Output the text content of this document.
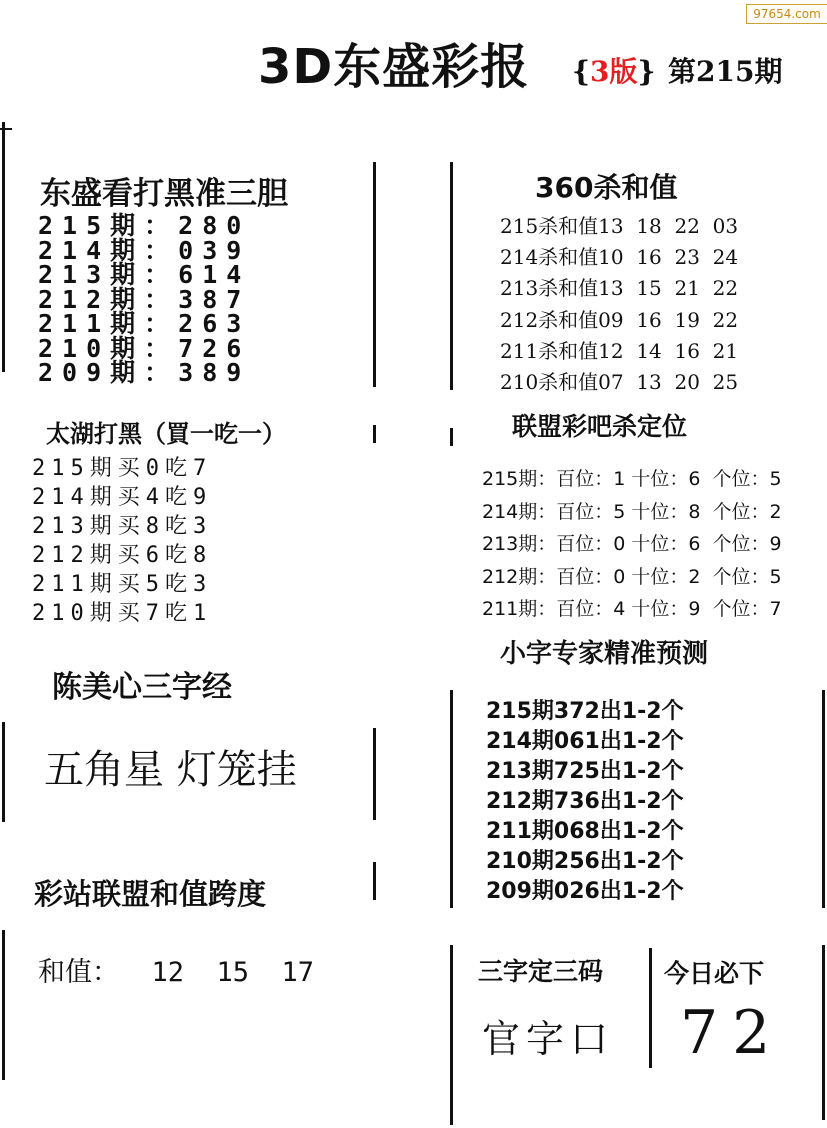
97654.com
3D东盛彩报 {3版} 第215期
东盛看打黑准三胆
215期：280
214期：039
213期：614
212期：387
211期：263
210期：726
209期：389
360杀和值
215杀和值13  18  22  03
214杀和值10  16  23  24
213杀和值13  15  21  22
212杀和值09  16  19  22
211杀和值12  14  16  21
210杀和值07  13  20  25
太湖打黑（買一吃一）
215期买0吃7
214期买4吃9
213期买8吃3
212期买6吃8
211期买5吃3
210期买7吃1
联盟彩吧杀定位
215期：百位：1 十位：6  个位：5
214期：百位：5 十位：8  个位：2
213期：百位：0 十位：6  个位：9
212期：百位：0 十位：2  个位：5
211期：百位：4 十位：9  个位：7
小字专家精准预测
215期372出1-2个
214期061出1-2个
213期725出1-2个
212期736出1-2个
211期068出1-2个
210期256出1-2个
209期026出1-2个
陈美心三字经
五角星 灯笼挂
彩站联盟和值跨度
和值：  12  15  17	三字定三码
官字口
今日必下
72
